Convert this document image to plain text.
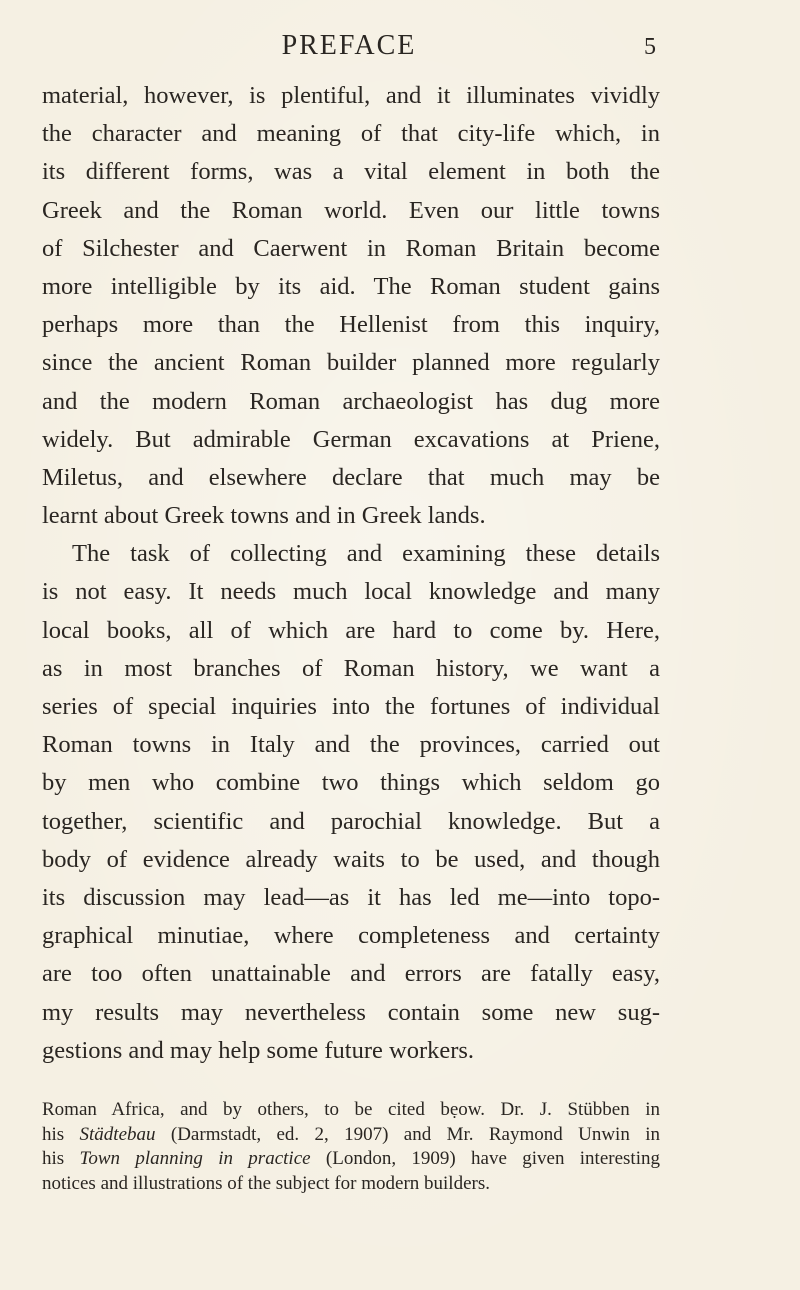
PREFACE	5
material, however, is plentiful, and it illuminates vividly
the character and meaning of that city-life which, in
its different forms, was a vital element in both the
Greek and the Roman world. Even our little towns
of Silchester and Caerwent in Roman Britain become
more intelligible by its aid. The Roman student gains
perhaps more than the Hellenist from this inquiry,
since the ancient Roman builder planned more regularly
and the modern Roman archaeologist has dug more
widely. But admirable German excavations at Priene,
Miletus, and elsewhere declare that much may be
learnt about Greek towns and in Greek lands.
The task of collecting and examining these details
is not easy. It needs much local knowledge and many
local books, all of which are hard to come by. Here,
as in most branches of Roman history, we want a
series of special inquiries into the fortunes of individual
Roman towns in Italy and the provinces, carried out
by men who combine two things which seldom go
together, scientific and parochial knowledge. But a
body of evidence already waits to be used, and though
its discussion may lead—as it has led me—into topo-
graphical minutiae, where completeness and certainty
are too often unattainable and errors are fatally easy,
my results may nevertheless contain some new sug-
gestions and may help some future workers.
Roman Africa, and by others, to be cited bẹow. Dr. J. Stübben in
his Städtebau (Darmstadt, ed. 2, 1907) and Mr. Raymond Unwin in
his Town planning in practice (London, 1909) have given interesting
notices and illustrations of the subject for modern builders.
